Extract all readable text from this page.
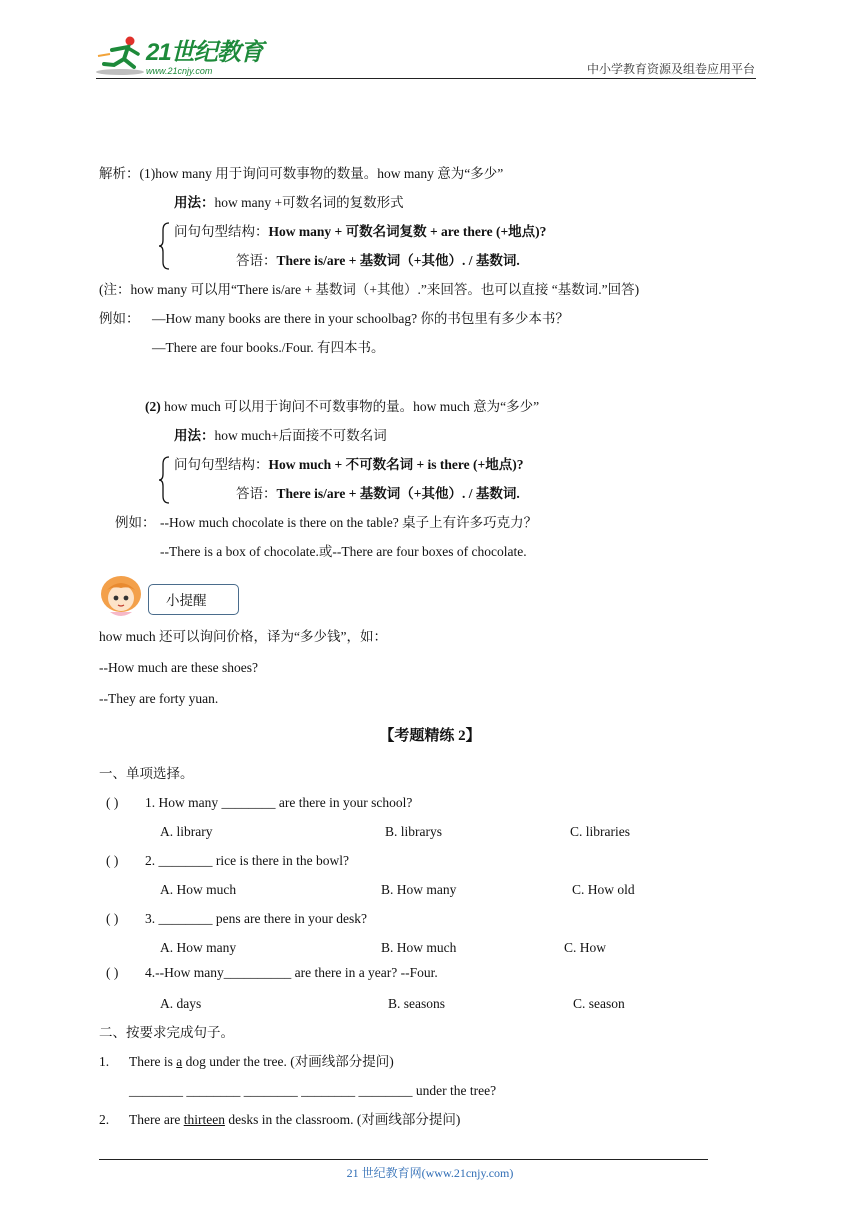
21世纪教育
www.21cnjy.com	中小学教育资源及组卷应用平台
解析：(1)how many 用于询问可数事物的数量。how many 意为“多少”
用法：how many +可数名词的复数形式
问句句型结构：How many + 可数名词复数 + are there (+地点)?
答语：There is/are + 基数词（+其他）. / 基数词.
(注：how many 可以用“There is/are + 基数词（+其他）.”来回答。也可以直接 “基数词.”回答)
例如： —How many books are there in your schoolbag? 你的书包里有多少本书？
—There are four books./Four. 有四本书。
(2) how much 可以用于询问不可数事物的量。how much 意为“多少”
用法：how much+后面接不可数名词
问句句型结构：How much + 不可数名词 + is there (+地点)?
答语：There is/are + 基数词（+其他）. / 基数词.
例如： --How much chocolate is there on the table? 桌子上有许多巧克力？
--There is a box of chocolate.或--There are four boxes of chocolate.
小提醒
how much 还可以询问价格，译为“多少钱”，如：
--How much are these shoes?
--They are forty yuan.
【考题精练 2】
一、单项选择。
( ) 1. How many ________ are there in your school?
A. library	B. librarys	C. libraries
( ) 2. ________ rice is there in the bowl?
A. How much	B. How many	C. How old
( ) 3. ________ pens are there in your desk?
A. How many	B. How much	C. How
( ) 4.--How many__________ are there in a year? --Four.
A. days	B. seasons	C. season
二、按要求完成句子。
1. There is a dog under the tree. (对画线部分提问)
________ ________ ________ ________ ________ under the tree?
2. There are thirteen desks in the classroom. (对画线部分提问)
21 世纪教育网(www.21cnjy.com)
